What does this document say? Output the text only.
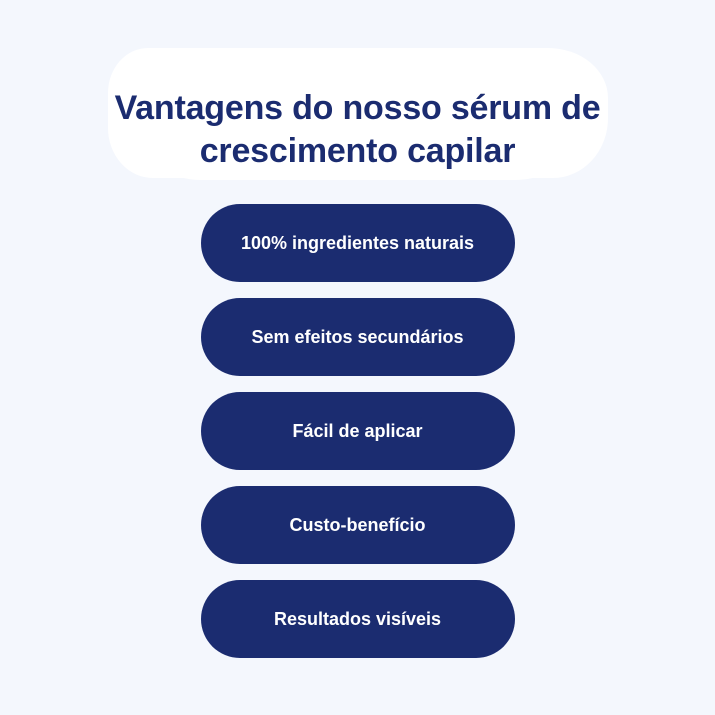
Vantagens do nosso sérum de
crescimento capilar
100% ingredientes naturais
Sem efeitos secundários
Fácil de aplicar
Custo-benefício
Resultados visíveis
